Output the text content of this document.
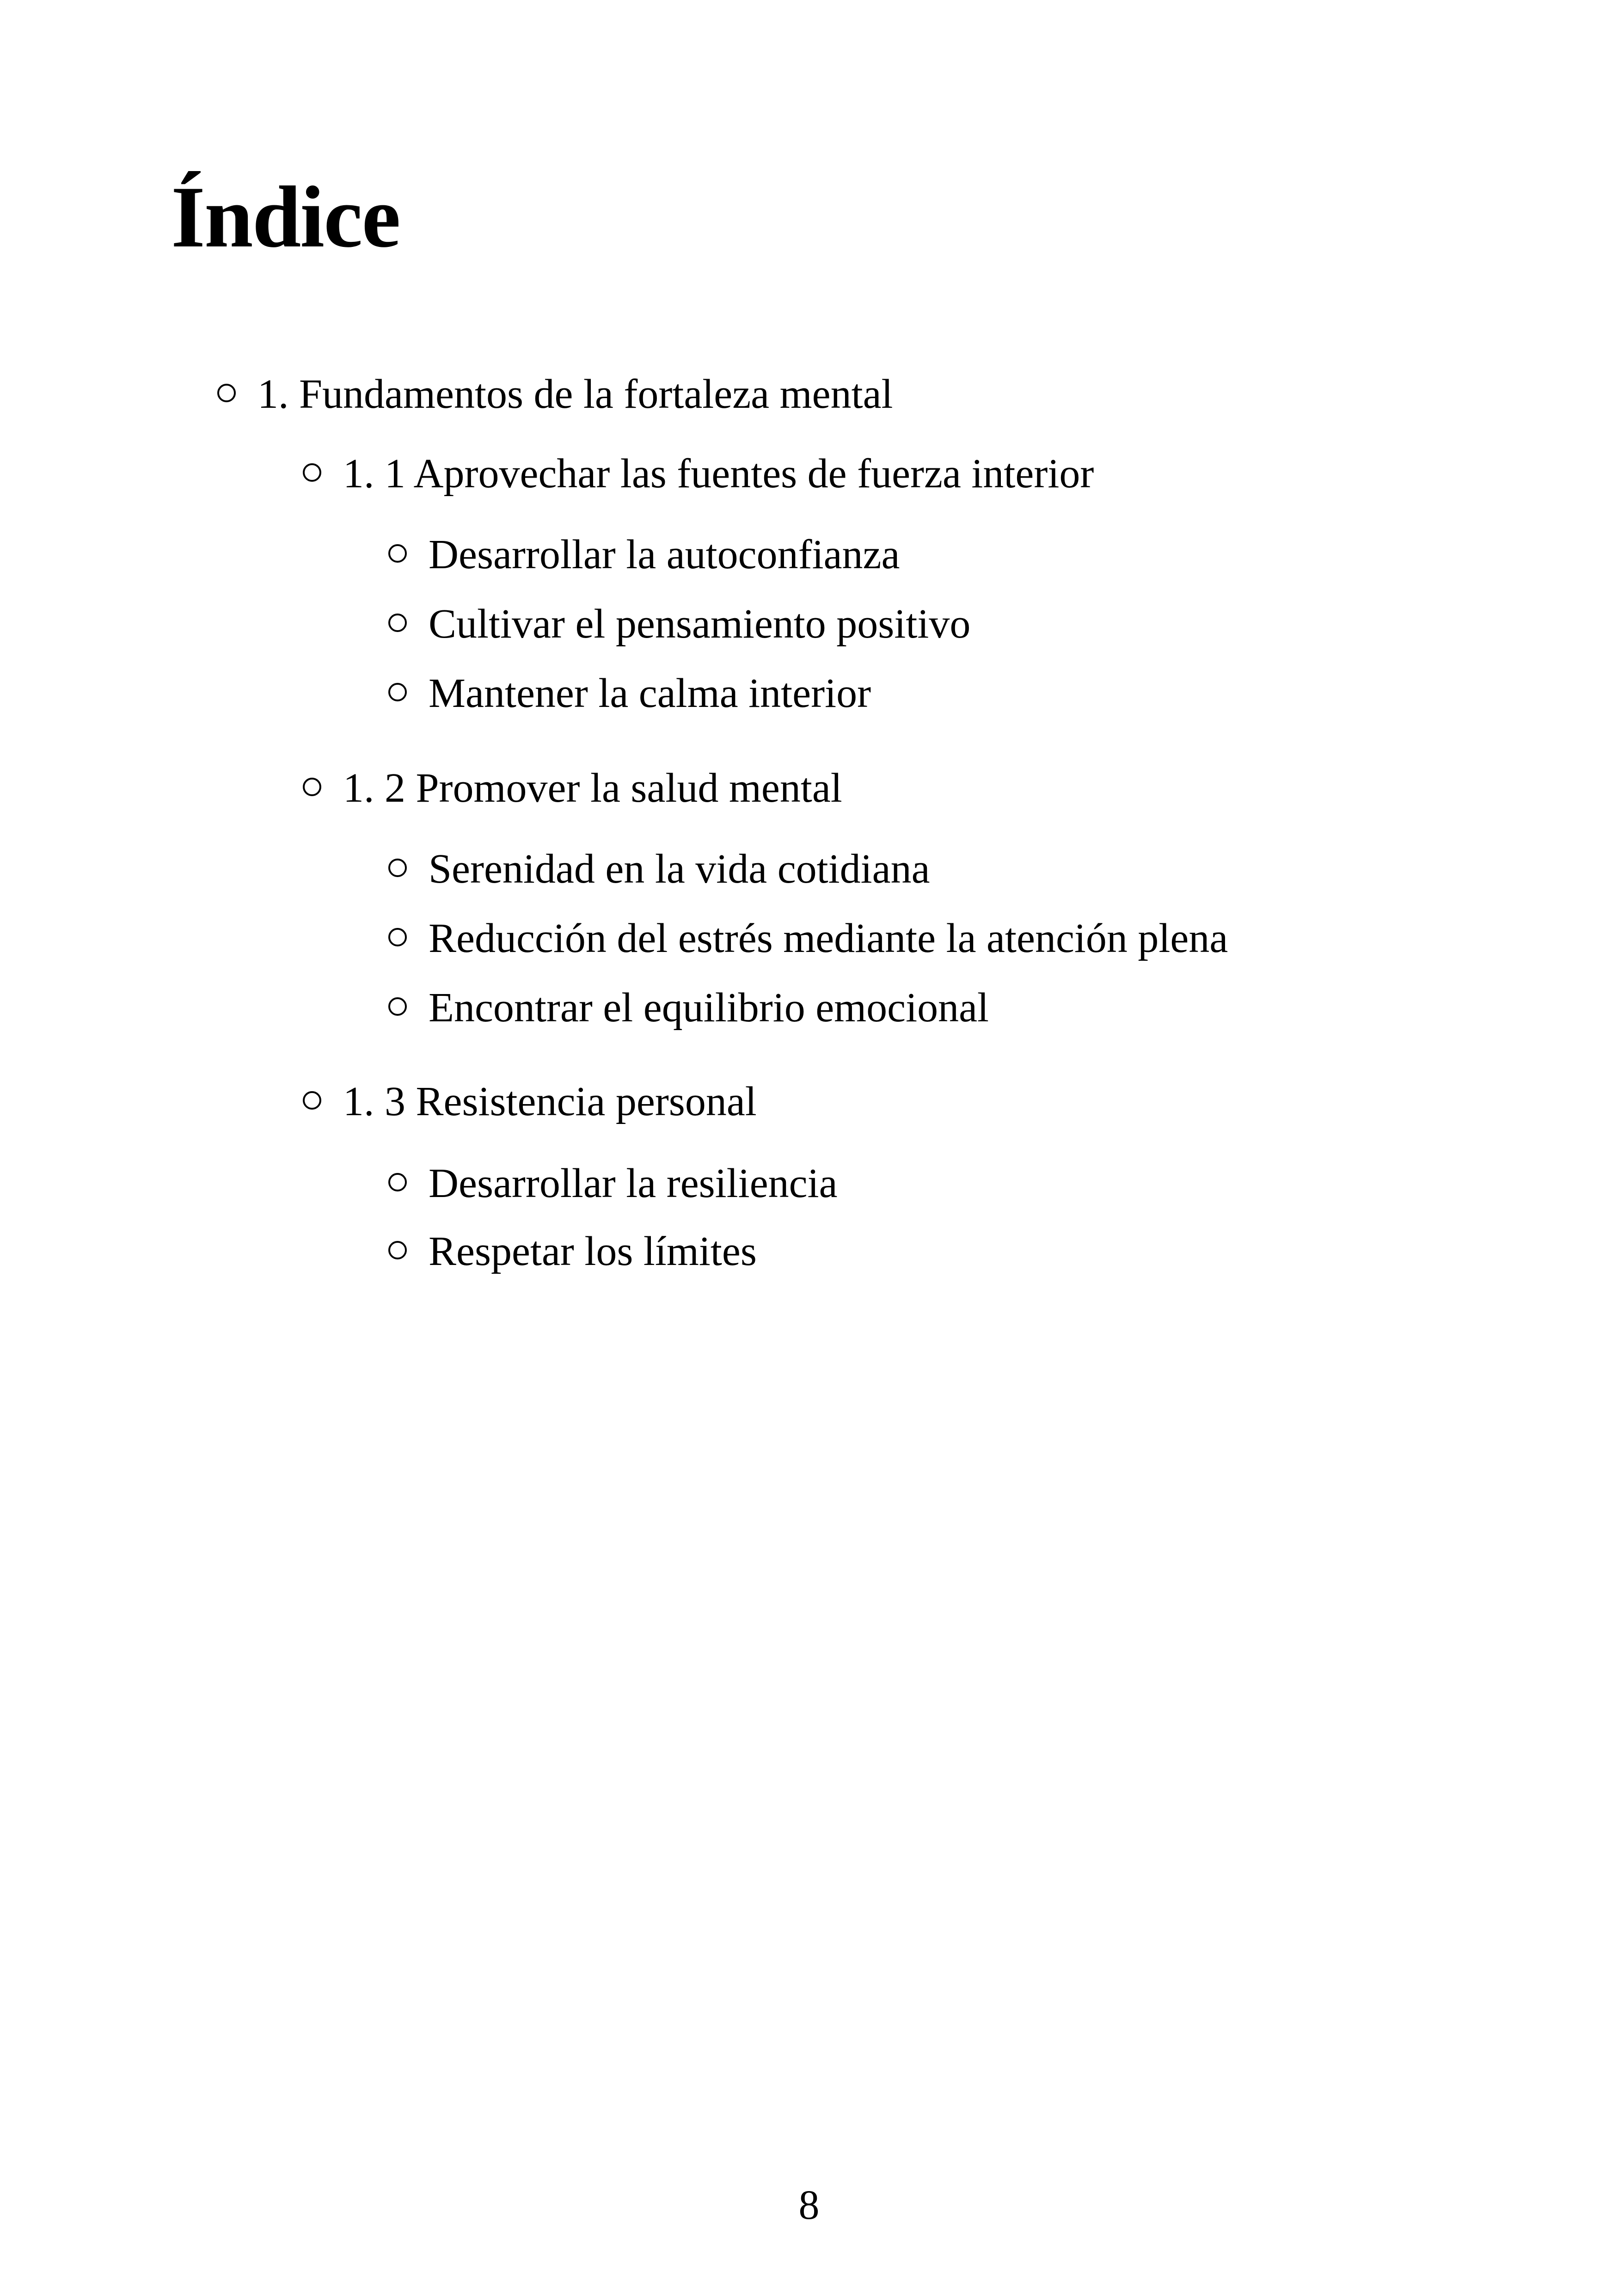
Índice
1. Fundamentos de la fortaleza mental
1. 1 Aprovechar las fuentes de fuerza interior
Desarrollar la autoconfianza
Cultivar el pensamiento positivo
Mantener la calma interior
1. 2 Promover la salud mental
Serenidad en la vida cotidiana
Reducción del estrés mediante la atención plena
Encontrar el equilibrio emocional
1. 3 Resistencia personal
Desarrollar la resiliencia
Respetar los límites
8
